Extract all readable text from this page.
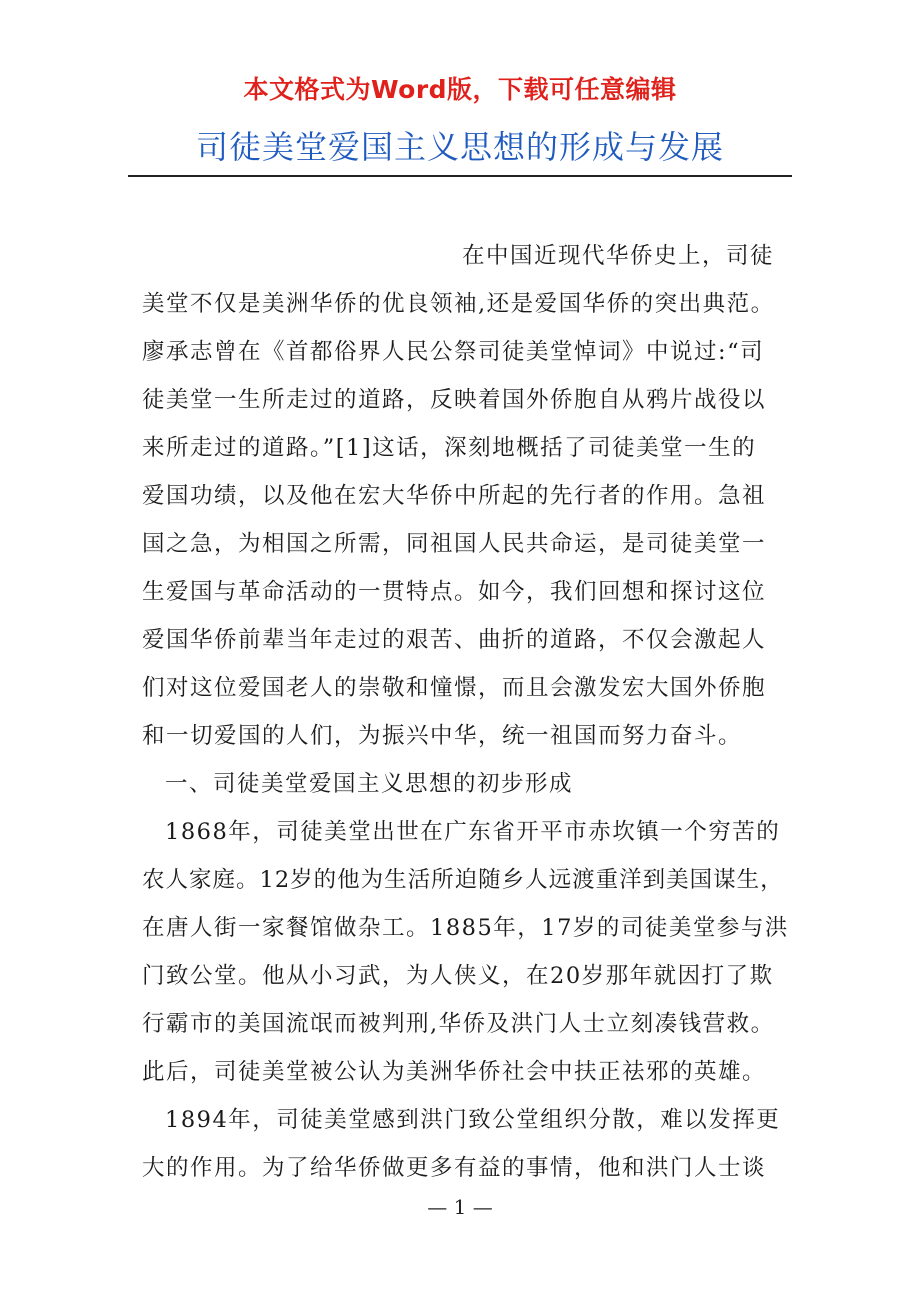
本文格式为Word版，下载可任意编辑
司徒美堂爱国主义思想的形成与发展
在中国近现代华侨史上，司徒
美堂不仅是美洲华侨的优良领袖,还是爱国华侨的突出典范。
廖承志曾在《首都俗界人民公祭司徒美堂悼词》中说过:“司
徒美堂一生所走过的道路，反映着国外侨胞自从鸦片战役以
来所走过的道路。”[1]这话，深刻地概括了司徒美堂一生的
爱国功绩，以及他在宏大华侨中所起的先行者的作用。急祖
国之急，为相国之所需，同祖国人民共命运，是司徒美堂一
生爱国与革命活动的一贯特点。如今，我们回想和探讨这位
爱国华侨前辈当年走过的艰苦、曲折的道路，不仅会激起人
们对这位爱国老人的崇敬和憧憬，而且会激发宏大国外侨胞
和一切爱国的人们，为振兴中华，统一祖国而努力奋斗。
一、司徒美堂爱国主义思想的初步形成
1868年，司徒美堂出世在广东省开平市赤坎镇一个穷苦的
农人家庭。12岁的他为生活所迫随乡人远渡重洋到美国谋生，
在唐人街一家餐馆做杂工。1885年，17岁的司徒美堂参与洪
门致公堂。他从小习武，为人侠义，在20岁那年就因打了欺
行霸市的美国流氓而被判刑,华侨及洪门人士立刻凑钱营救。
此后，司徒美堂被公认为美洲华侨社会中扶正祛邪的英雄。
1894年，司徒美堂感到洪门致公堂组织分散，难以发挥更
大的作用。为了给华侨做更多有益的事情，他和洪门人士谈
— 1 —
